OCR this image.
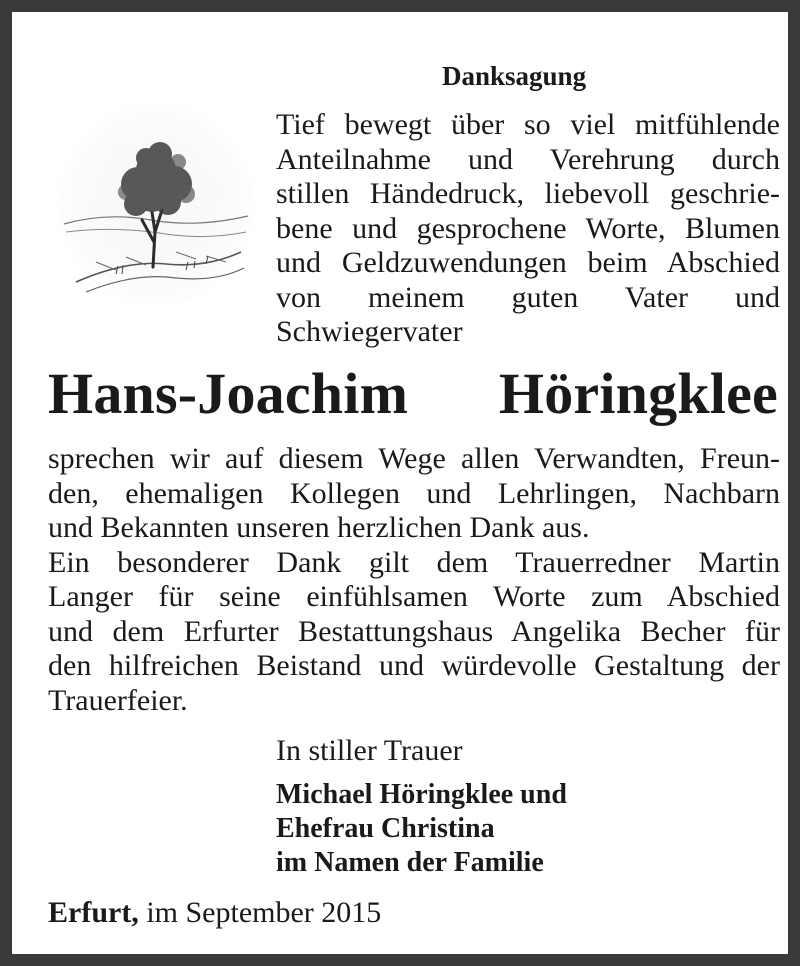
Danksagung
Tief bewegt über so viel mitfühlende
Anteilnahme und Verehrung durch
stillen Händedruck, liebevoll geschrie-
bene und gesprochene Worte, Blumen
und Geldzuwendungen beim Abschied
von meinem guten Vater und
Schwiegervater
Hans-Joachim Höringklee
sprechen wir auf diesem Wege allen Verwandten, Freun-
den, ehemaligen Kollegen und Lehrlingen, Nachbarn
und Bekannten unseren herzlichen Dank aus.
Ein besonderer Dank gilt dem Trauerredner Martin
Langer für seine einfühlsamen Worte zum Abschied
und dem Erfurter Bestattungshaus Angelika Becher für
den hilfreichen Beistand und würdevolle Gestaltung der
Trauerfeier.
In stiller Trauer
Michael Höringklee und
Ehefrau Christina
im Namen der Familie
Erfurt, im September 2015
